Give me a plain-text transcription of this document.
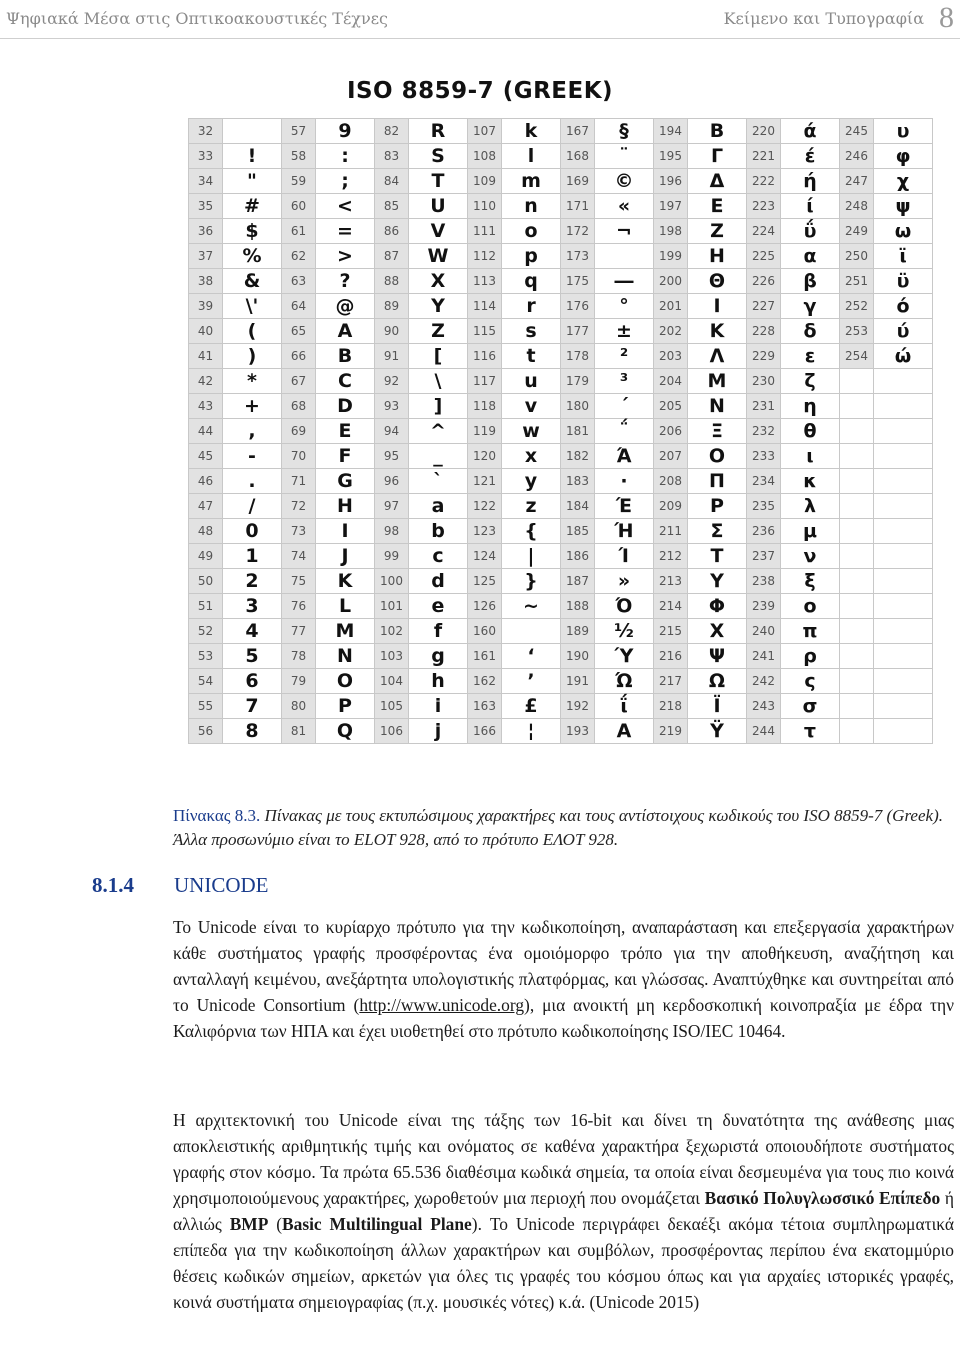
Ψηφιακά Μέσα στις Οπτικοακουστικές Τέχνες	Κείμενο και Τυπογραφία 8
ISO 8859-7 (GREEK)
32		57	9	82	R	107	k	167	§	194	Β	220	ά	245	υ
33	!	58	:	83	S	108	l	168	¨	195	Γ	221	έ	246	φ
34	"	59	;	84	T	109	m	169	©	196	Δ	222	ή	247	χ
35	#	60	<	85	U	110	n	171	«	197	Ε	223	ί	248	ψ
36	$	61	=	86	V	111	o	172	¬	198	Ζ	224	ΰ	249	ω
37	%	62	>	87	W	112	p	173		199	Η	225	α	250	ϊ
38	&	63	?	88	X	113	q	175	―	200	Θ	226	β	251	ϋ
39	\'	64	@	89	Y	114	r	176	°	201	Ι	227	γ	252	ό
40	(	65	A	90	Z	115	s	177	±	202	Κ	228	δ	253	ύ
41	)	66	B	91	[	116	t	178	²	203	Λ	229	ε	254	ώ
42	*	67	C	92	\	117	u	179	³	204	Μ	230	ζ		
43	+	68	D	93	]	118	v	180	΄	205	Ν	231	η		
44	,	69	E	94	^	119	w	181	΅	206	Ξ	232	θ		
45	-	70	F	95	_	120	x	182	Ά	207	Ο	233	ι		
46	.	71	G	96	`	121	y	183	·	208	Π	234	κ		
47	/	72	H	97	a	122	z	184	Έ	209	Ρ	235	λ		
48	0	73	I	98	b	123	{	185	Ή	211	Σ	236	μ		
49	1	74	J	99	c	124	|	186	Ί	212	Τ	237	ν		
50	2	75	K	100	d	125	}	187	»	213	Υ	238	ξ		
51	3	76	L	101	e	126	~	188	Ό	214	Φ	239	ο		
52	4	77	M	102	f	160		189	½	215	Χ	240	π		
53	5	78	N	103	g	161	‘	190	Ύ	216	Ψ	241	ρ		
54	6	79	O	104	h	162	’	191	Ώ	217	Ω	242	ς		
55	7	80	P	105	i	163	£	192	ΐ	218	Ϊ	243	σ		
56	8	81	Q	106	j	166	¦	193	Α	219	Ϋ	244	τ		
Πίνακας 8.3. Πίνακας με τους εκτυπώσιμους χαρακτήρες και τους αντίστοιχους κωδικούς του ISO 8859-7 (Greek). Άλλα προσωνύμιο είναι το ELOT 928, από το πρότυπο ΕΛΟΤ 928.
8.1.4 UNICODE
Το Unicode είναι το κυρίαρχο πρότυπο για την κωδικοποίηση, αναπαράσταση και επεξεργασία χαρακτήρων κάθε συστήματος γραφής προσφέροντας ένα ομοιόμορφο τρόπο για την αποθήκευση, αναζήτηση και ανταλλαγή κειμένου, ανεξάρτητα υπολογιστικής πλατφόρμας, και γλώσσας. Αναπτύχθηκε και συντηρείται από το Unicode Consortium (http://www.unicode.org), μια ανοικτή μη κερδοσκοπική κοινοπραξία με έδρα την Καλιφόρνια των ΗΠΑ και έχει υιοθετηθεί στο πρότυπο κωδικοποίησης ISO/IEC 10464.
Η αρχιτεκτονική του Unicode είναι της τάξης των 16-bit και δίνει τη δυνατότητα της ανάθεσης μιας αποκλειστικής αριθμητικής τιμής και ονόματος σε καθένα χαρακτήρα ξεχωριστά οποιουδήποτε συστήματος γραφής στον κόσμο. Τα πρώτα 65.536 διαθέσιμα κωδικά σημεία, τα οποία είναι δεσμευμένα για τους πιο κοινά χρησιμοποιούμενους χαρακτήρες, χωροθετούν μια περιοχή που ονομάζεται Βασικό Πολυγλωσσικό Επίπεδο ή αλλιώς BMP (Basic Multilingual Plane). Το Unicode περιγράφει δεκαέξι ακόμα τέτοια συμπληρωματικά επίπεδα για την κωδικοποίηση άλλων χαρακτήρων και συμβόλων, προσφέροντας περίπου ένα εκατομμύριο θέσεις κωδικών σημείων, αρκετών για όλες τις γραφές του κόσμου όπως και για αρχαίες ιστορικές γραφές, κοινά συστήματα σημειογραφίας (π.χ. μουσικές νότες) κ.ά. (Unicode 2015)
